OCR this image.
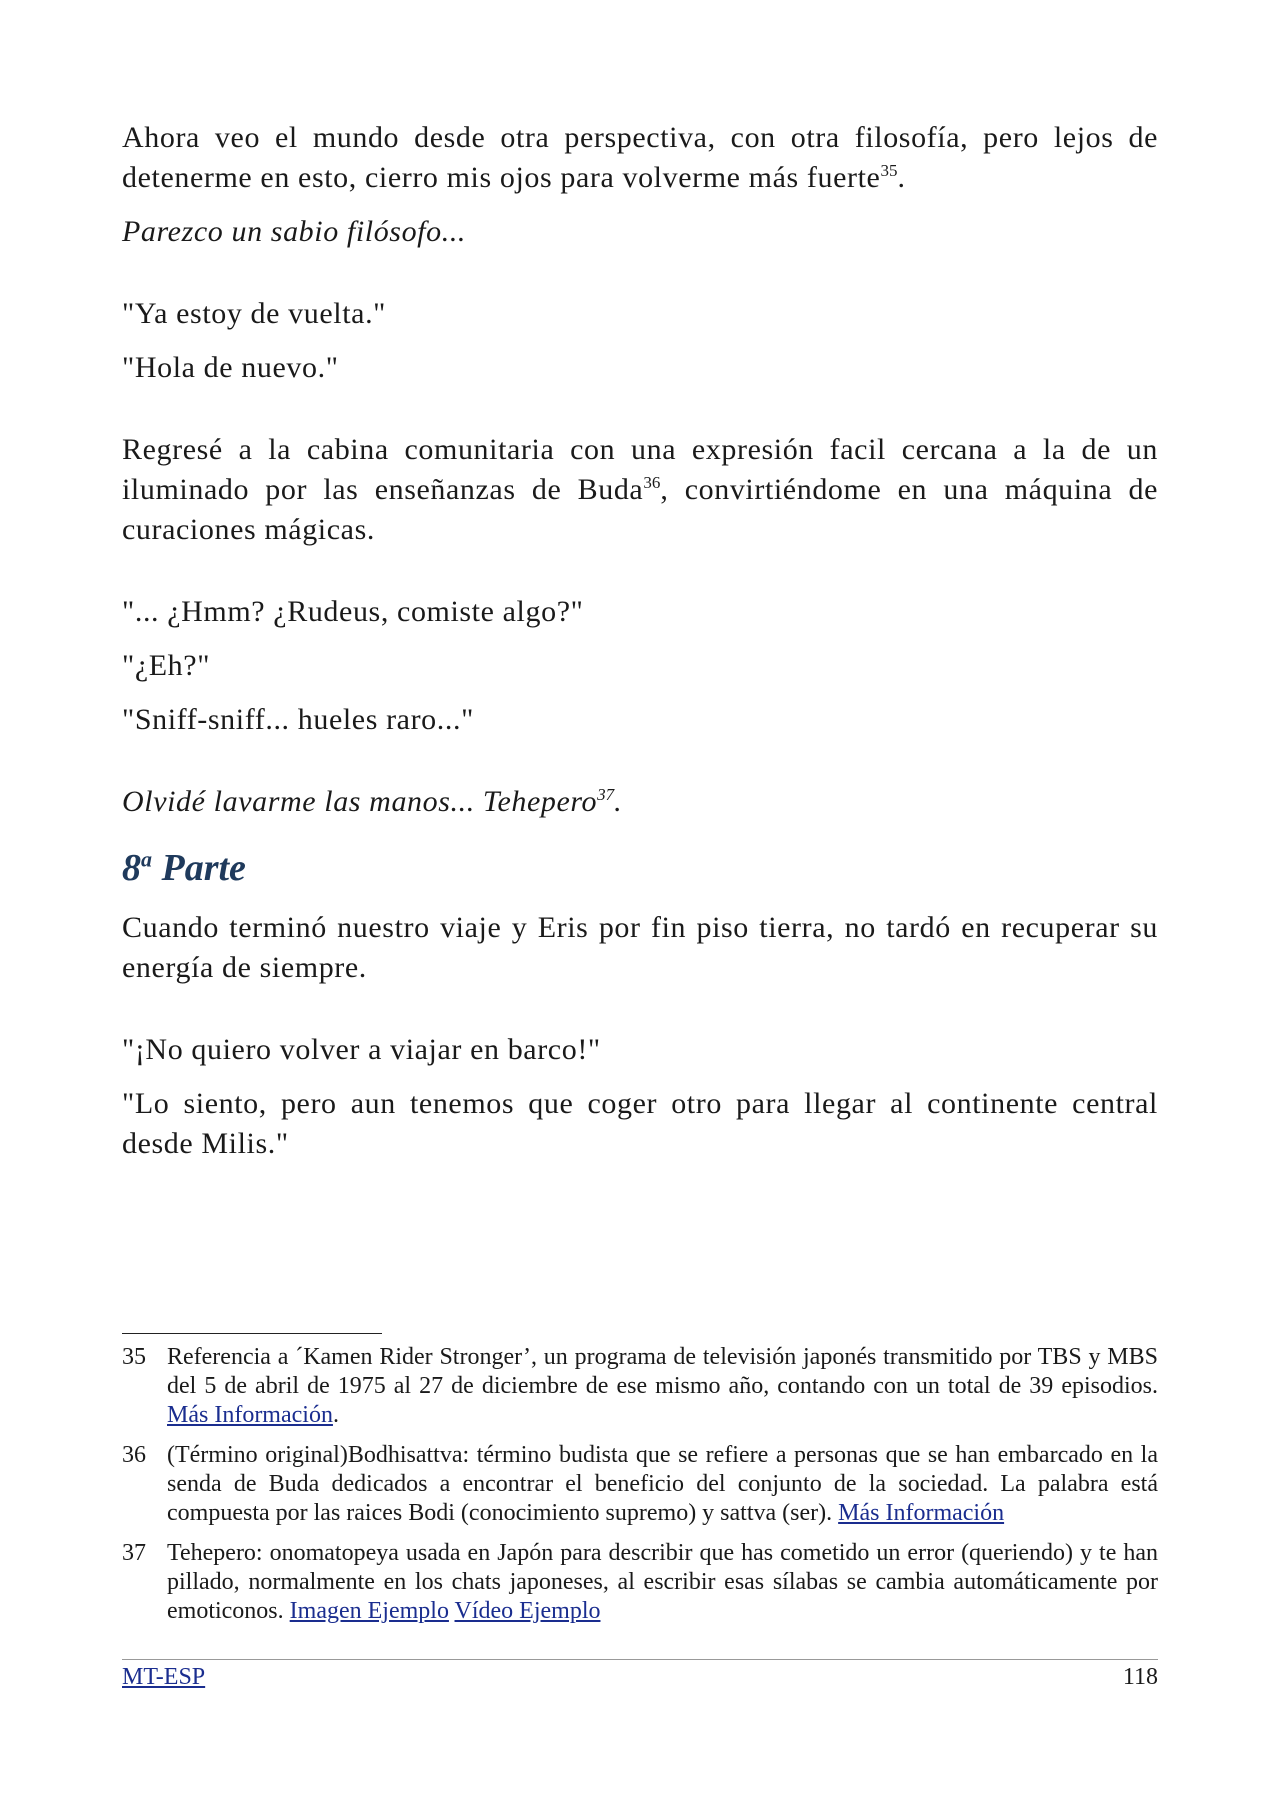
Ahora veo el mundo desde otra perspectiva, con otra filosofía, pero lejos de detenerme en esto, cierro mis ojos para volverme más fuerte$^{35}$.

Parezco un sabio filósofo...

"Ya estoy de vuelta."

"Hola de nuevo."

Regresé a la cabina comunitaria con una expresión facil cercana a la de un iluminado por las enseñanzas de Buda$^{36}$, convirtiéndome en una máquina de curaciones mágicas.

"... ¿Hmm? ¿Rudeus, comiste algo?"

"¿Eh?"

"Sniff-sniff... hueles raro..."

Olvidé lavarme las manos... Tehepero$^{37}$.

8$^a$ Parte

Cuando terminó nuestro viaje y Eris por fin piso tierra, no tardó en recuperar su energía de siempre.

"¡No quiero volver a viajar en barco!"

"Lo siento, pero aun tenemos que coger otro para llegar al continente central desde Milis."

35 Referencia a ´Kamen Rider Stronger’, un programa de televisión japonés transmitido por TBS y MBS del 5 de abril de 1975 al 27 de diciembre de ese mismo año, contando con un total de 39 episodios. Más Información.
36 (Término original)Bodhisattva: término budista que se refiere a personas que se han embarcado en la senda de Buda dedicados a encontrar el beneficio del conjunto de la sociedad. La palabra está compuesta por las raices Bodi (conocimiento supremo) y sattva (ser). Más Información
37 Tehepero: onomatopeya usada en Japón para describir que has cometido un error (queriendo) y te han pillado, normalmente en los chats japoneses, al escribir esas sílabas se cambia automáticamente por emoticonos. Imagen Ejemplo Vídeo Ejemplo
MT-ESP	118
